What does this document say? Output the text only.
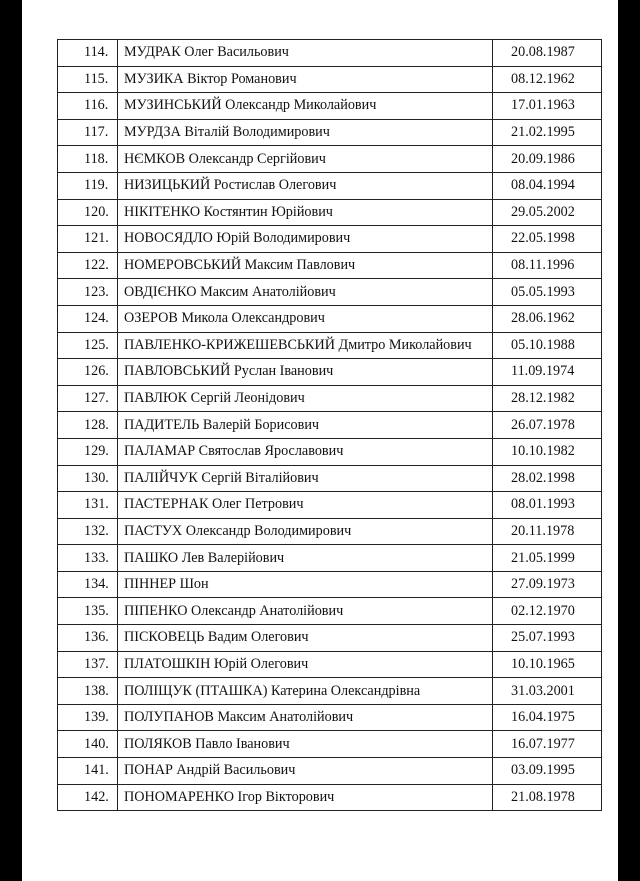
114.	МУДРАК Олег Васильович	20.08.1987
115.	МУЗИКА Віктор Романович	08.12.1962
116.	МУЗИНСЬКИЙ Олександр Миколайович	17.01.1963
117.	МУРДЗА Віталій Володимирович	21.02.1995
118.	НЄМКОВ Олександр Сергійович	20.09.1986
119.	НИЗИЦЬКИЙ Ростислав Олегович	08.04.1994
120.	НІКІТЕНКО Костянтин Юрійович	29.05.2002
121.	НОВОСЯДЛО Юрій Володимирович	22.05.1998
122.	НОМЕРОВСЬКИЙ Максим Павлович	08.11.1996
123.	ОВДІЄНКО Максим Анатолійович	05.05.1993
124.	ОЗЕРОВ Микола Олександрович	28.06.1962
125.	ПАВЛЕНКО-КРИЖЕШЕВСЬКИЙ Дмитро Миколайович	05.10.1988
126.	ПАВЛОВСЬКИЙ Руслан Іванович	11.09.1974
127.	ПАВЛЮК Сергій Леонідович	28.12.1982
128.	ПАДИТЕЛЬ Валерій Борисович	26.07.1978
129.	ПАЛАМАР Святослав Ярославович	10.10.1982
130.	ПАЛІЙЧУК Сергій Віталійович	28.02.1998
131.	ПАСТЕРНАК Олег Петрович	08.01.1993
132.	ПАСТУХ Олександр Володимирович	20.11.1978
133.	ПАШКО Лев Валерійович	21.05.1999
134.	ПІННЕР Шон	27.09.1973
135.	ПІПЕНКО Олександр Анатолійович	02.12.1970
136.	ПІСКОВЕЦЬ Вадим Олегович	25.07.1993
137.	ПЛАТОШКІН Юрій Олегович	10.10.1965
138.	ПОЛІЩУК (ПТАШКА) Катерина Олександрівна	31.03.2001
139.	ПОЛУПАНОВ Максим Анатолійович	16.04.1975
140.	ПОЛЯКОВ Павло Іванович	16.07.1977
141.	ПОНАР Андрій Васильович	03.09.1995
142.	ПОНОМАРЕНКО Ігор Вікторович	21.08.1978
